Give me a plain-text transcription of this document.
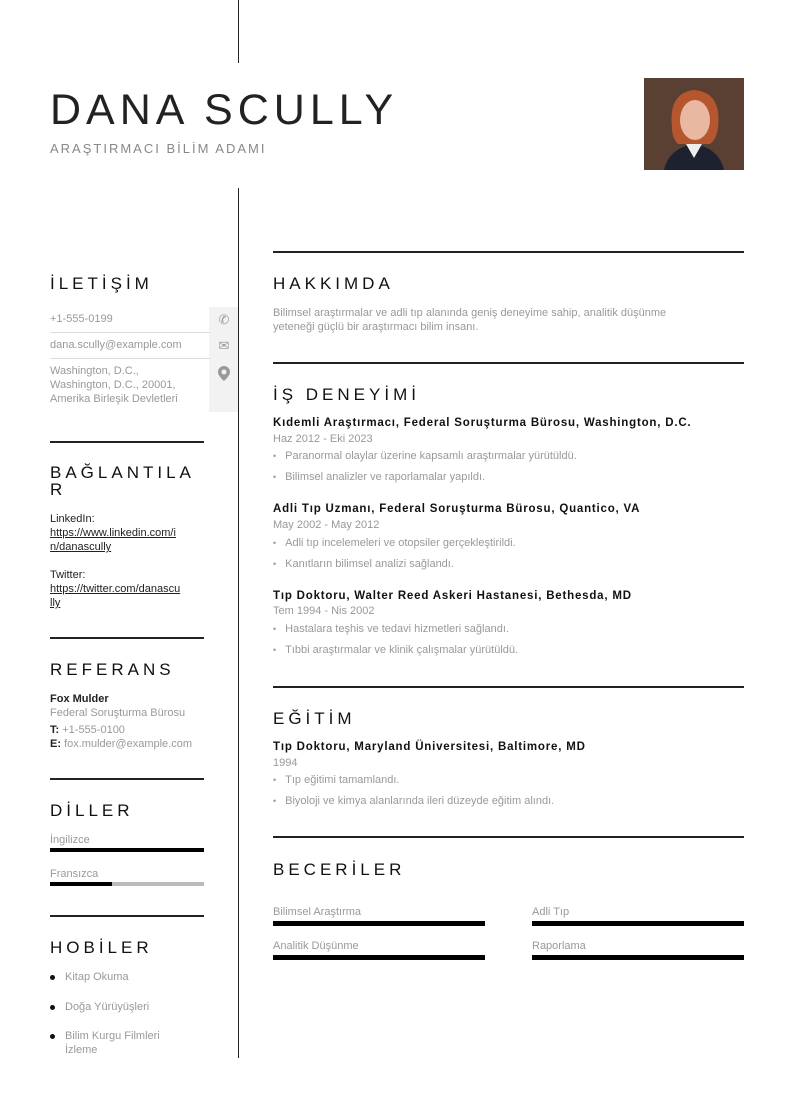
DANA SCULLY
ARAŞTIRMACI BİLİM ADAMI
İLETİŞİM
+1-555-0199	✆
dana.scully@example.com	✉
Washington, D.C.,
Washington, D.C., 20001,
Amerika Birleşik Devletleri
BAĞLANTILA
R
LinkedIn:
https://www.linkedin.com/i
n/danascully
Twitter:
https://twitter.com/danascu
lly
REFERANS
Fox Mulder
Federal Soruşturma Bürosu
T: +1-555-0100
E: fox.mulder@example.com
DİLLER
İngilizce
Fransızca
HOBİLER
Kitap Okuma
Doğa Yürüyüşleri
Bilim Kurgu Filmleri
İzleme
HAKKIMDA
Bilimsel araştırmalar ve adli tıp alanında geniş deneyime sahip, analitik düşünme
yeteneği güçlü bir araştırmacı bilim insanı.
İŞ DENEYİMİ
Kıdemli Araştırmacı, Federal Soruşturma Bürosu, Washington, D.C.
Haz 2012 - Eki 2023
• Paranormal olaylar üzerine kapsamlı araştırmalar yürütüldü.
• Bilimsel analizler ve raporlamalar yapıldı.
Adli Tıp Uzmanı, Federal Soruşturma Bürosu, Quantico, VA
May 2002 - May 2012
• Adli tıp incelemeleri ve otopsiler gerçekleştirildi.
• Kanıtların bilimsel analizi sağlandı.
Tıp Doktoru, Walter Reed Askeri Hastanesi, Bethesda, MD
Tem 1994 - Nis 2002
• Hastalara teşhis ve tedavi hizmetleri sağlandı.
• Tıbbi araştırmalar ve klinik çalışmalar yürütüldü.
EĞİTİM
Tıp Doktoru, Maryland Üniversitesi, Baltimore, MD
1994
• Tıp eğitimi tamamlandı.
• Biyoloji ve kimya alanlarında ileri düzeyde eğitim alındı.
BECERİLER
Bilimsel Araştırma	Adli Tıp
Analitik Düşünme	Raporlama
